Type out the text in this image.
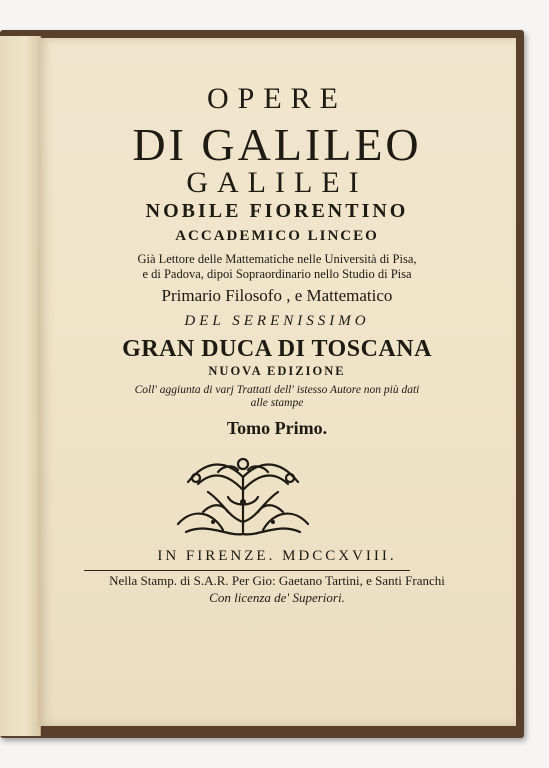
OPERE
DI GALILEO
GALILEI
NOBILE FIORENTINO
ACCADEMICO LINCEO
Già Lettore delle Mattematiche nelle Università di Pisa,
e di Padova, dipoi Sopraordinario nello Studio di Pisa
Primario Filosofo , e Mattematico
DEL SERENISSIMO
GRAN DUCA DI TOSCANA
NUOVA EDIZIONE
Coll' aggiunta di varj Trattati dell' istesso Autore non più dati
alle stampe
Tomo Primo.
IN FIRENZE. MDCCXVIII.
Nella Stamp. di S.A.R. Per Gio: Gaetano Tartini, e Santi Franchi
Con licenza de' Superiori.
